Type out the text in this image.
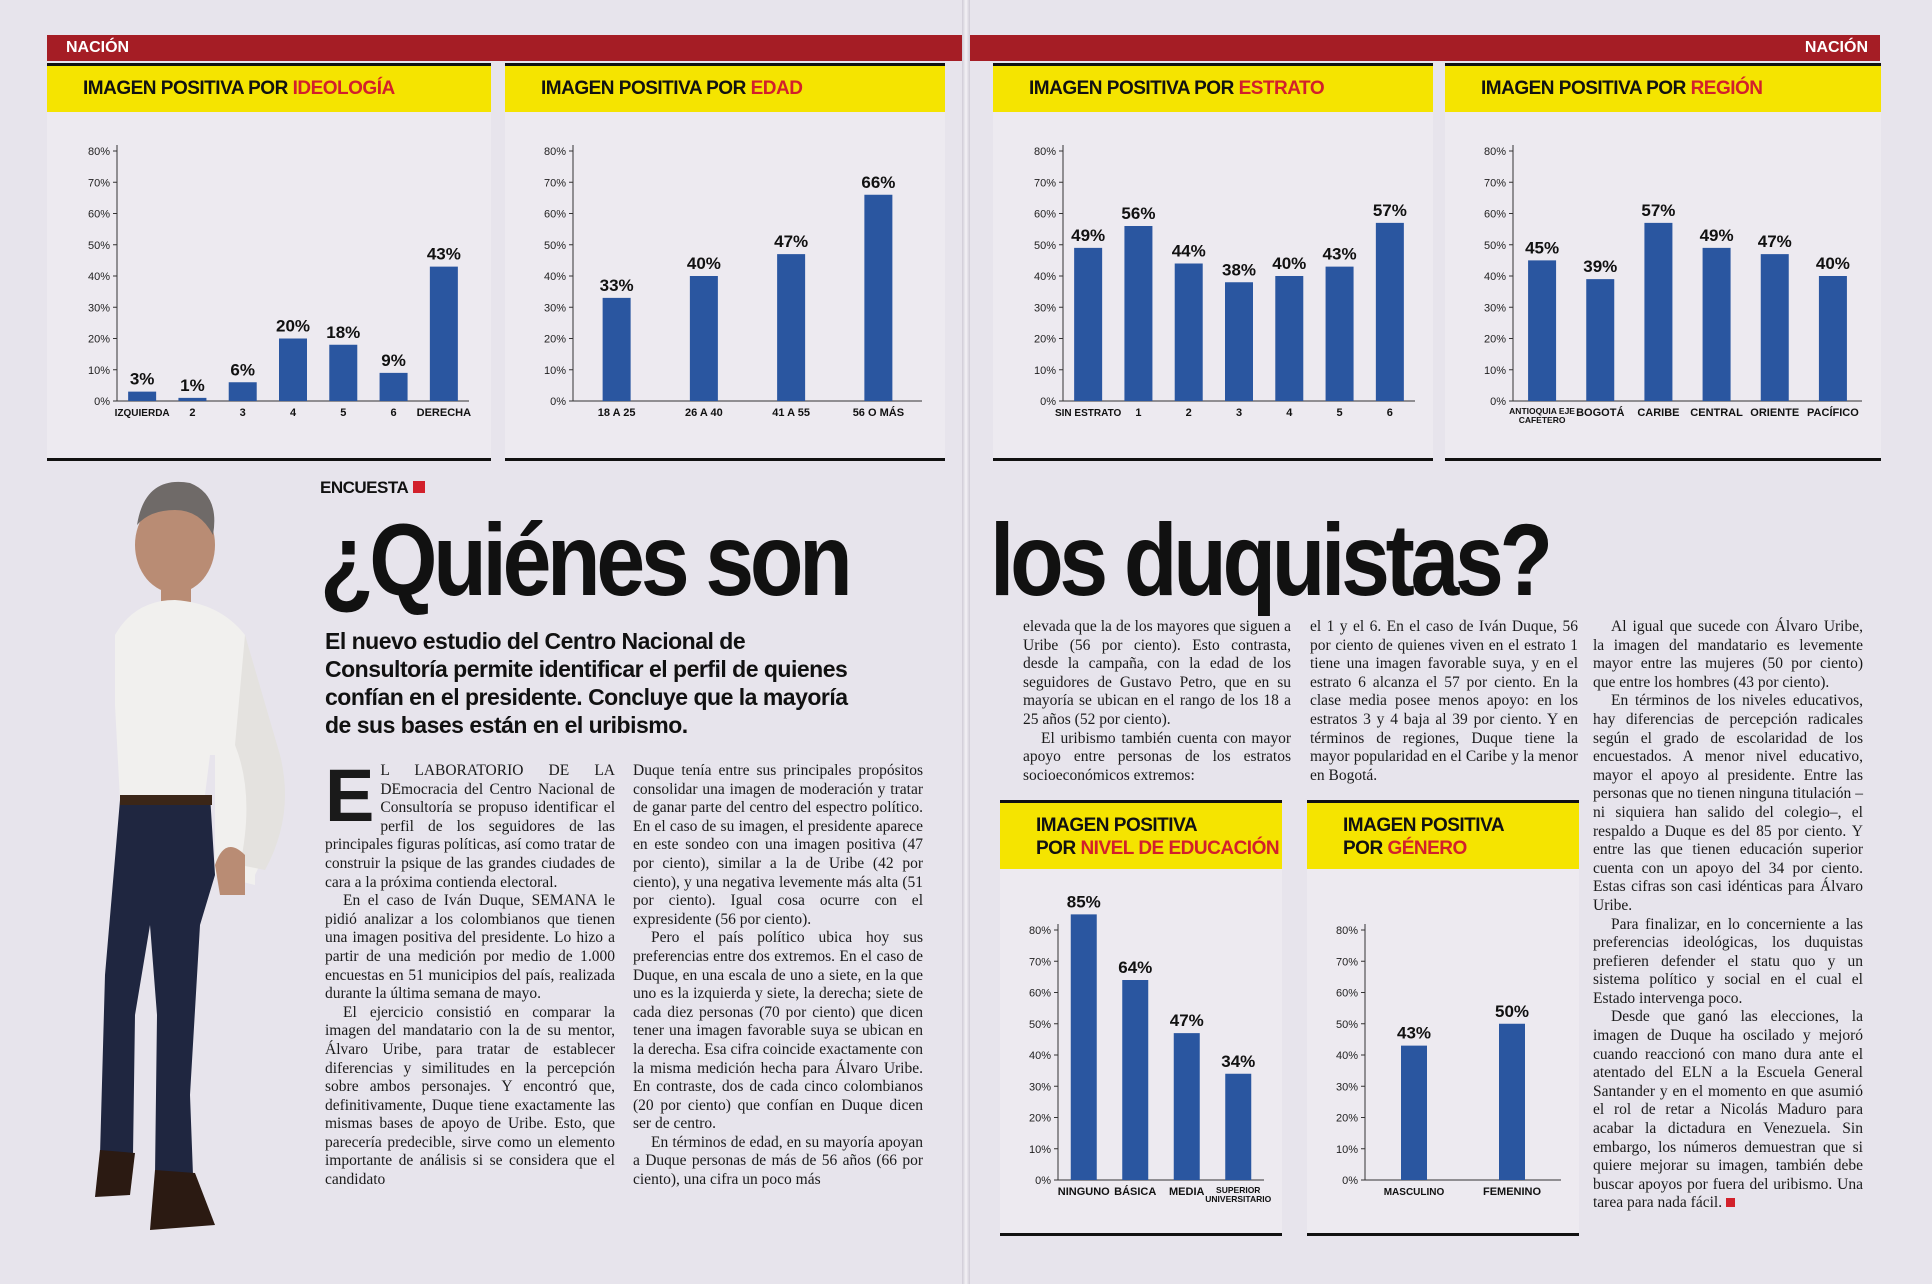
NACIÓN	NACIÓN
IMAGEN POSITIVA POR IDEOLOGÍA
0%
10%
20%
30%
40%
50%
60%
70%
80%
3%
IZQUIERDA
1%
2
6%
3
20%
4
18%
5
9%
6
43%
DERECHA
IMAGEN POSITIVA POR EDAD
0%
10%
20%
30%
40%
50%
60%
70%
80%
33%
18 A 25
40%
26 A 40
47%
41 A 55
66%
56 O MÁS
IMAGEN POSITIVA POR ESTRATO
0%
10%
20%
30%
40%
50%
60%
70%
80%
49%
SIN ESTRATO
56%
1
44%
2
38%
3
40%
4
43%
5
57%
6
IMAGEN POSITIVA POR REGIÓN
0%
10%
20%
30%
40%
50%
60%
70%
80%
45%
ANTIOQUIA EJE
CAFETERO
39%
BOGOTÁ
57%
CARIBE
49%
CENTRAL
47%
ORIENTE
40%
PACÍFICO
IMAGEN POSITIVA
POR NIVEL DE EDUCACIÓN
0%
10%
20%
30%
40%
50%
60%
70%
80%
85%
NINGUNO
64%
BÁSICA
47%
MEDIA
34%
SUPERIOR
UNIVERSITARIO
IMAGEN POSITIVA
POR GÉNERO
0%
10%
20%
30%
40%
50%
60%
70%
80%
43%
MASCULINO
50%
FEMENINO
ENCUESTA
¿Quiénes son los duquistas?
El nuevo estudio del Centro Nacional de Consultoría permite identificar el perfil de quienes confían en el presidente. Concluye que la mayoría de sus bases están en el uribismo.

E L LABORATORIO DE LA DEmocracia del Centro Nacional de Consultoría se propuso identificar el perfil de los seguidores de las principales figuras políticas, así como tratar de construir la psique de las grandes ciudades de cara a la próxima contienda electoral.

En el caso de Iván Duque, SEMANA le pidió analizar a los colombianos que tienen una imagen positiva del presidente. Lo hizo a partir de una medición por medio de 1.000 encuestas en 51 municipios del país, realizada durante la última semana de mayo.

El ejercicio consistió en comparar la imagen del mandatario con la de su mentor, Álvaro Uribe, para tratar de establecer diferencias y similitudes en la percepción sobre ambos personajes. Y encontró que, definitivamente, Duque tiene exactamente las mismas bases de apoyo de Uribe. Esto, que parecería predecible, sirve como un elemento importante de análisis si se considera que el candidato

Duque tenía entre sus principales propósitos consolidar una imagen de moderación y tratar de ganar parte del centro del espectro político. En el caso de su imagen, el presidente aparece en este sondeo con una imagen positiva (47 por ciento), similar a la de Uribe (42 por ciento), y una negativa levemente más alta (51 por ciento). Igual cosa ocurre con el expresidente (56 por ciento).

Pero el país político ubica hoy sus preferencias entre dos extremos. En el caso de Duque, en una escala de uno a siete, en la que uno es la izquierda y siete, la derecha; siete de cada diez personas (70 por ciento) que dicen tener una imagen favorable suya se ubican en la derecha. Esa cifra coincide exactamente con la misma medición hecha para Álvaro Uribe. En contraste, dos de cada cinco colombianos (20 por ciento) que confían en Duque dicen ser de centro.

En términos de edad, en su mayoría apoyan a Duque personas de más de 56 años (66 por ciento), una cifra un poco más

elevada que la de los mayores que siguen a Uribe (56 por ciento). Esto contrasta, desde la campaña, con la edad de los seguidores de Gustavo Petro, que en su mayoría se ubican en el rango de los 18 a 25 años (52 por ciento).

El uribismo también cuenta con mayor apoyo entre personas de los estratos socioeconómicos extremos:

el 1 y el 6. En el caso de Iván Duque, 56 por ciento de quienes viven en el estrato 1 tiene una imagen favorable suya, y en el estrato 6 alcanza el 57 por ciento. En la clase media posee menos apoyo: en los estratos 3 y 4 baja al 39 por ciento. Y en términos de regiones, Duque tiene la mayor popularidad en el Caribe y la menor en Bogotá.

Al igual que sucede con Álvaro Uribe, la imagen del mandatario es levemente mayor entre las mujeres (50 por ciento) que entre los hombres (43 por ciento).

En términos de los niveles educativos, hay diferencias de percepción radicales según el grado de escolaridad de los encuestados. A menor nivel educativo, mayor el apoyo al presidente. Entre las personas que no tienen ninguna titulación –ni siquiera han salido del colegio–, el respaldo a Duque es del 85 por ciento. Y entre las que tienen educación superior cuenta con un apoyo del 34 por ciento. Estas cifras son casi idénticas para Álvaro Uribe.

Para finalizar, en lo concerniente a las preferencias ideológicas, los duquistas prefieren defender el statu quo y un sistema político y social en el cual el Estado intervenga poco.

Desde que ganó las elecciones, la imagen de Duque ha oscilado y mejoró cuando reaccionó con mano dura ante el atentado del ELN a la Escuela General Santander y en el momento en que asumió el rol de retar a Nicolás Maduro para acabar la dictadura en Venezuela. Sin embargo, los números demuestran que si quiere mejorar su imagen, también debe buscar apoyos por fuera del uribismo. Una tarea para nada fácil.
